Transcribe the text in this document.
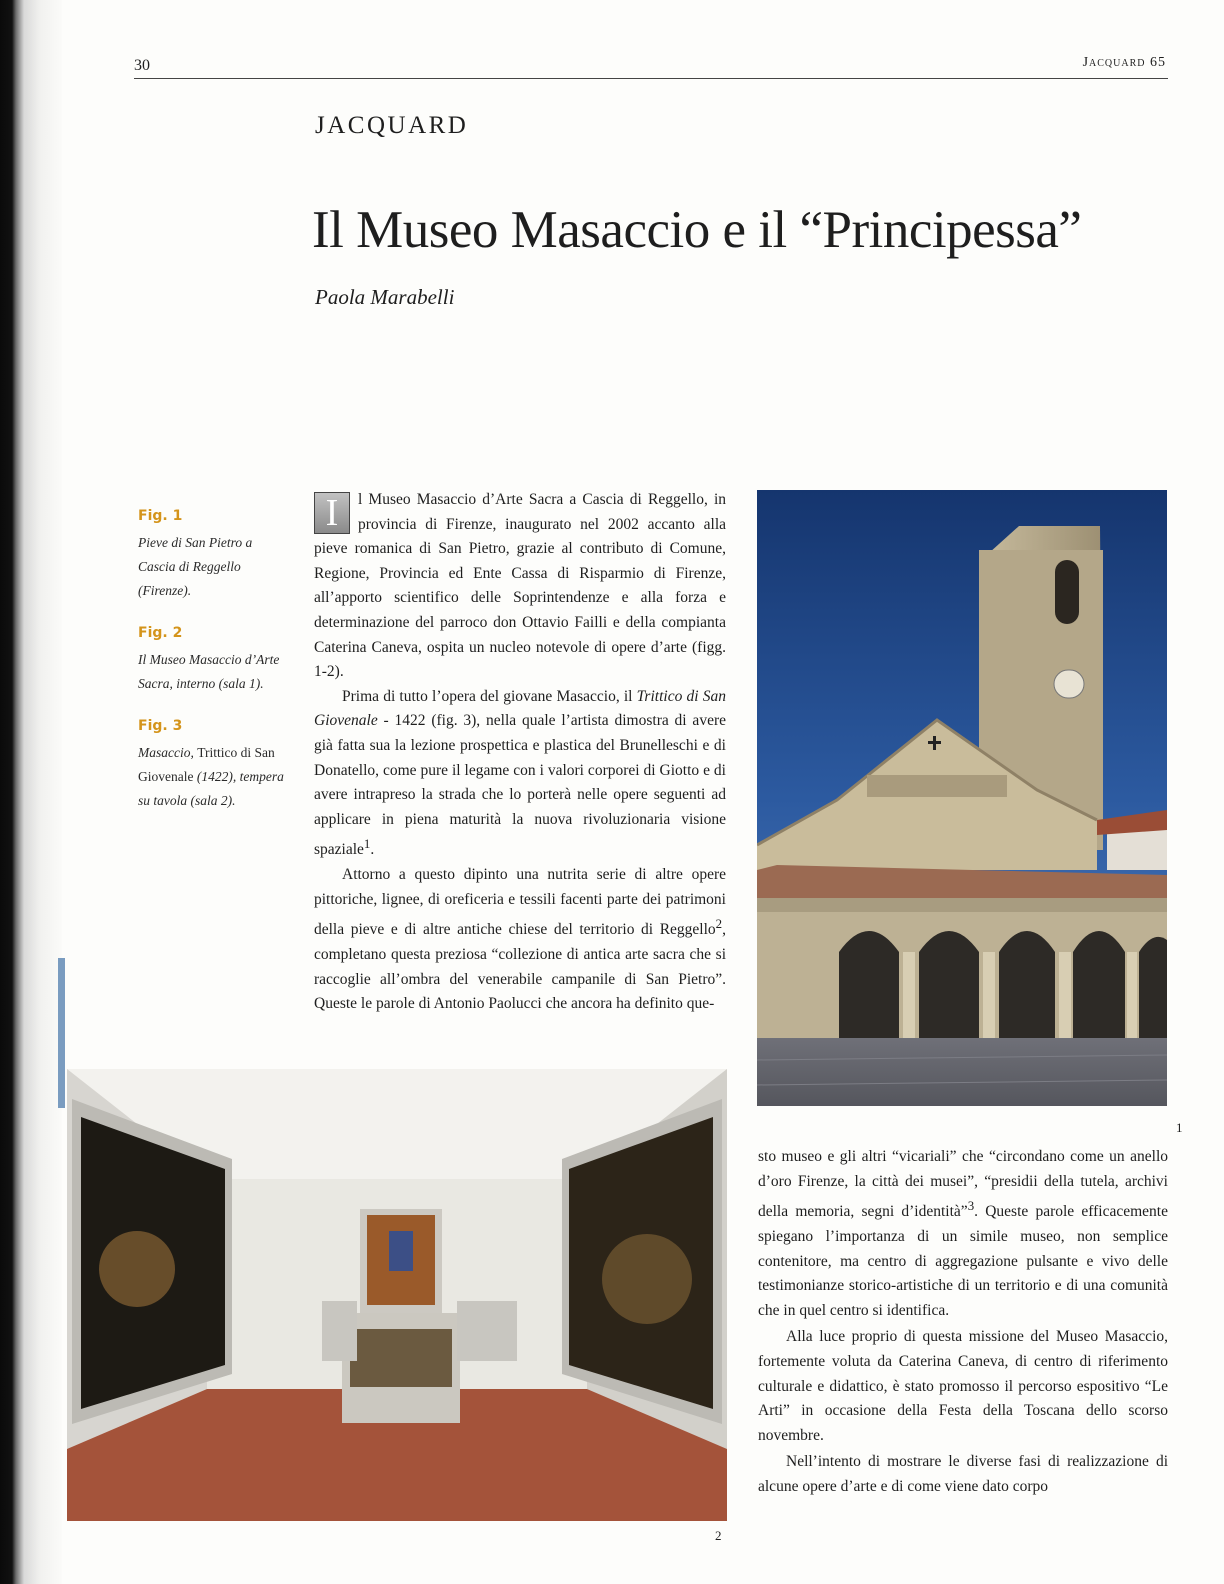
30	Jacquard 65
JACQUARD
Il Museo Masaccio e il “Principessa”
Paola Marabelli
Fig. 1
Pieve di San Pietro a Cascia di Reggello (Firenze).
Fig. 2
Il Museo Masaccio d’Arte Sacra, interno (sala 1).
Fig. 3
Masaccio, Trittico di San Giovenale (1422), tempera su tavola (sala 2).

I	l Museo Masaccio d’Arte Sacra a Cascia di Reggello, in provincia di Firenze, inaugurato nel 2002 accanto alla pieve romanica di San Pietro, grazie al contributo di Comune, Regione, Provincia ed Ente Cassa di Risparmio di Firenze, all’apporto scientifico delle Soprintendenze e alla forza e determinazione del parroco don Ottavio Failli e della compianta Caterina Caneva, ospita un nucleo notevole di opere d’arte (figg. 1-2).

Prima di tutto l’opera del giovane Masaccio, il Trittico di San Giovenale - 1422 (fig. 3), nella quale l’artista dimostra di avere già fatta sua la lezione prospettica e plastica del Brunelleschi e di Donatello, come pure il legame con i valori corporei di Giotto e di avere intrapreso la strada che lo porterà nelle opere seguenti ad applicare in piena maturità la nuova rivoluzionaria visione spaziale$^1$.

Attorno a questo dipinto una nutrita serie di altre opere pittoriche, lignee, di oreficeria e tessili facenti parte dei patrimoni della pieve e di altre antiche chiese del territorio di Reggello$^2$, completano questa preziosa “collezione di antica arte sacra che si raccoglie all’ombra del venerabile campanile di San Pietro”. Queste le parole di Antonio Paolucci che ancora ha definito que-

1
2

sto museo e gli altri “vicariali” che “circondano come un anello d’oro Firenze, la città dei musei”, “presidii della tutela, archivi della memoria, segni d’identità”$^3$. Queste parole efficacemente spiegano l’importanza di un simile museo, non semplice contenitore, ma centro di aggregazione pulsante e vivo delle testimonianze storico-artistiche di un territorio e di una comunità che in quel centro si identifica.

Alla luce proprio di questa missione del Museo Masaccio, fortemente voluta da Caterina Caneva, di centro di riferimento culturale e didattico, è stato promosso il percorso espositivo “Le Arti” in occasione della Festa della Toscana dello scorso novembre.

Nell’intento di mostrare le diverse fasi di realizzazione di alcune opere d’arte e di come viene dato corpo
